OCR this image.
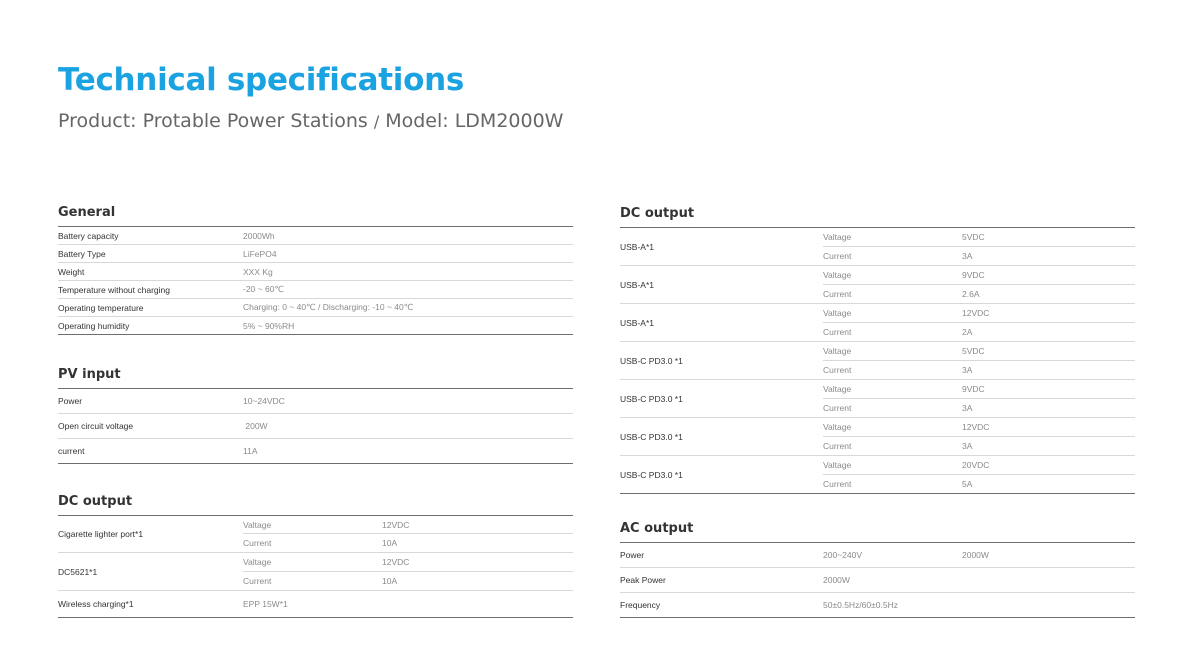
Technical specifications
Product: Protable Power Stations / Model: LDM2000W
General
Battery capacity	2000Wh
Battery Type	LiFePO4
Weight	XXX Kg
Temperature without charging	-20 ~ 60℃
Operating temperature	Charging: 0 ~ 40℃ / Discharging: -10 ~ 40℃
Operating humidity	5% ~ 90%RH
PV input
Power	10~24VDC
Open circuit voltage	200W
current	11A
DC output
Cigarette lighter port*1
Valtage	12VDC
Current	10A
DC5621*1
Valtage	12VDC
Current	10A
Wireless charging*1	EPP 15W*1
DC output
USB-A*1
Valtage	5VDC
Current	3A
USB-A*1
Valtage	9VDC
Current	2.6A
USB-A*1
Valtage	12VDC
Current	2A
USB-C PD3.0 *1
Valtage	5VDC
Current	3A
USB-C PD3.0 *1
Valtage	9VDC
Current	3A
USB-C PD3.0 *1
Valtage	12VDC
Current	3A
USB-C PD3.0 *1
Valtage	20VDC
Current	5A
AC output
Power	200~240V	2000W
Peak Power	2000W
Frequency	50±0.5Hz/60±0.5Hz
